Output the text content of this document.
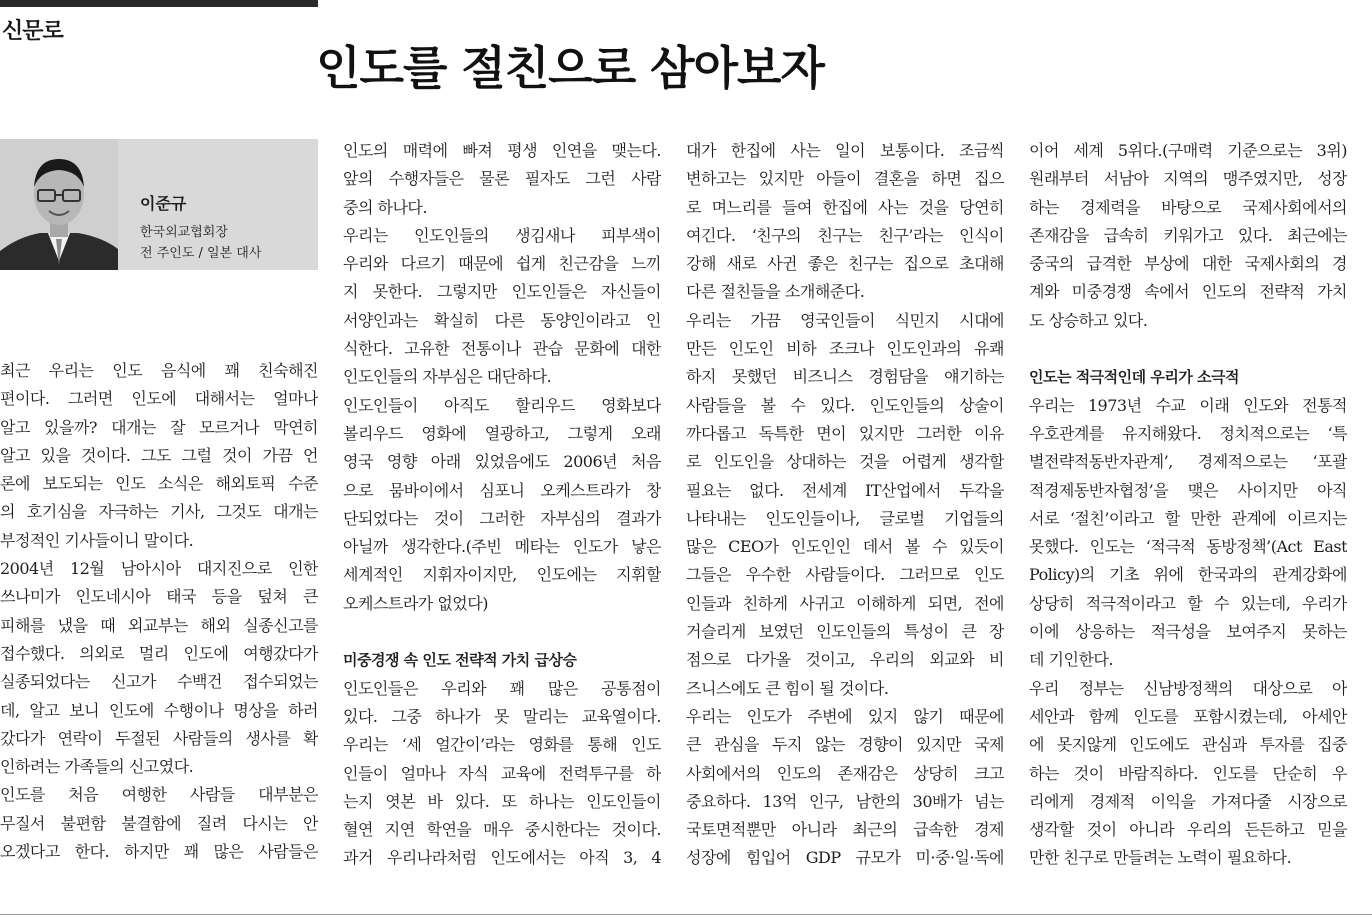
신문로
인도를 절친으로 삼아보자
이준규
한국외교협회장
전 주인도 / 일본 대사
최근 우리는 인도 음식에 꽤 친숙해진
편이다. 그러면 인도에 대해서는 얼마나
알고 있을까? 대개는 잘 모르거나 막연히
알고 있을 것이다. 그도 그럴 것이 가끔 언
론에 보도되는 인도 소식은 해외토픽 수준
의 호기심을 자극하는 기사, 그것도 대개는
부정적인 기사들이니 말이다.
2004년 12월 남아시아 대지진으로 인한
쓰나미가 인도네시아 태국 등을 덮쳐 큰
피해를 냈을 때 외교부는 해외 실종신고를
접수했다. 의외로 멀리 인도에 여행갔다가
실종되었다는 신고가 수백건 접수되었는
데, 알고 보니 인도에 수행이나 명상을 하러
갔다가 연락이 두절된 사람들의 생사를 확
인하려는 가족들의 신고였다.
인도를 처음 여행한 사람들 대부분은
무질서 불편함 불결함에 질려 다시는 안
오겠다고 한다. 하지만 꽤 많은 사람들은
인도의 매력에 빠져 평생 인연을 맺는다.
앞의 수행자들은 물론 필자도 그런 사람
중의 하나다.
우리는 인도인들의 생김새나 피부색이
우리와 다르기 때문에 쉽게 친근감을 느끼
지 못한다. 그렇지만 인도인들은 자신들이
서양인과는 확실히 다른 동양인이라고 인
식한다. 고유한 전통이나 관습 문화에 대한
인도인들의 자부심은 대단하다.
인도인들이 아직도 할리우드 영화보다
볼리우드 영화에 열광하고, 그렇게 오래
영국 영향 아래 있었음에도 2006년 처음
으로 뭄바이에서 심포니 오케스트라가 창
단되었다는 것이 그러한 자부심의 결과가
아닐까 생각한다.(주빈 메타는 인도가 낳은
세계적인 지휘자이지만, 인도에는 지휘할
오케스트라가 없었다)
미중경쟁 속 인도 전략적 가치 급상승
인도인들은 우리와 꽤 많은 공통점이
있다. 그중 하나가 못 말리는 교육열이다.
우리는 ‘세 얼간이’라는 영화를 통해 인도
인들이 얼마나 자식 교육에 전력투구를 하
는지 엿본 바 있다. 또 하나는 인도인들이
혈연 지연 학연을 매우 중시한다는 것이다.
과거 우리나라처럼 인도에서는 아직 3, 4
대가 한집에 사는 일이 보통이다. 조금씩
변하고는 있지만 아들이 결혼을 하면 집으
로 며느리를 들여 한집에 사는 것을 당연히
여긴다. ‘친구의 친구는 친구’라는 인식이
강해 새로 사귄 좋은 친구는 집으로 초대해
다른 절친들을 소개해준다.
우리는 가끔 영국인들이 식민지 시대에
만든 인도인 비하 조크나 인도인과의 유쾌
하지 못했던 비즈니스 경험담을 얘기하는
사람들을 볼 수 있다. 인도인들의 상술이
까다롭고 독특한 면이 있지만 그러한 이유
로 인도인을 상대하는 것을 어렵게 생각할
필요는 없다. 전세계 IT산업에서 두각을
나타내는 인도인들이나, 글로벌 기업들의
많은 CEO가 인도인인 데서 볼 수 있듯이
그들은 우수한 사람들이다. 그러므로 인도
인들과 친하게 사귀고 이해하게 되면, 전에
거슬리게 보였던 인도인들의 특성이 큰 장
점으로 다가올 것이고, 우리의 외교와 비
즈니스에도 큰 힘이 될 것이다.
우리는 인도가 주변에 있지 않기 때문에
큰 관심을 두지 않는 경향이 있지만 국제
사회에서의 인도의 존재감은 상당히 크고
중요하다. 13억 인구, 남한의 30배가 넘는
국토면적뿐만 아니라 최근의 급속한 경제
성장에 힘입어 GDP 규모가 미·중·일·독에
이어 세계 5위다.(구매력 기준으로는 3위)
원래부터 서남아 지역의 맹주였지만, 성장
하는 경제력을 바탕으로 국제사회에서의
존재감을 급속히 키워가고 있다. 최근에는
중국의 급격한 부상에 대한 국제사회의 경
계와 미중경쟁 속에서 인도의 전략적 가치
도 상승하고 있다.
인도는 적극적인데 우리가 소극적
우리는 1973년 수교 이래 인도와 전통적
우호관계를 유지해왔다. 정치적으로는 ‘특
별전략적동반자관계’, 경제적으로는 ‘포괄
적경제동반자협정’을 맺은 사이지만 아직
서로 ‘절친’이라고 할 만한 관계에 이르지는
못했다. 인도는 ‘적극적 동방정책’(Act East
Policy)의 기초 위에 한국과의 관계강화에
상당히 적극적이라고 할 수 있는데, 우리가
이에 상응하는 적극성을 보여주지 못하는
데 기인한다.
우리 정부는 신남방정책의 대상으로 아
세안과 함께 인도를 포함시켰는데, 아세안
에 못지않게 인도에도 관심과 투자를 집중
하는 것이 바람직하다. 인도를 단순히 우
리에게 경제적 이익을 가져다줄 시장으로
생각할 것이 아니라 우리의 든든하고 믿을
만한 친구로 만들려는 노력이 필요하다.
